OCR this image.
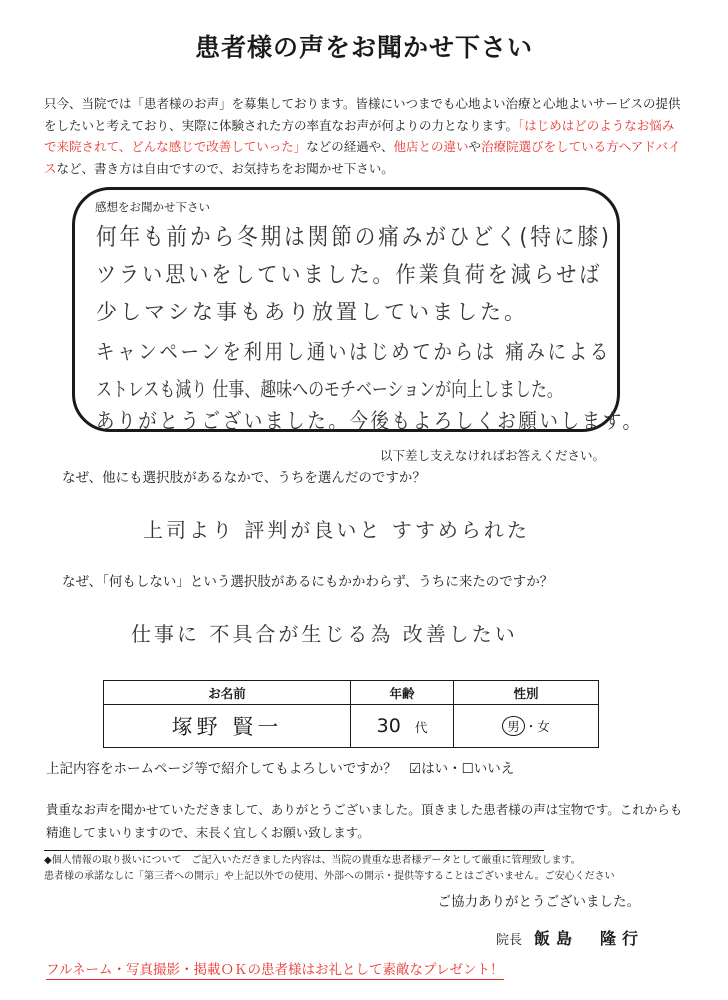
患者様の声をお聞かせ下さい
只今、当院では「患者様のお声」を募集しております。皆様にいつまでも心地よい治療と心地よいサービスの提供をしたいと考えており、実際に体験された方の率直なお声が何よりの力となります。「はじめはどのようなお悩みで来院されて、どんな感じで改善していった」などの経過や、他店との違いや治療院選びをしている方へアドバイスなど、書き方は自由ですので、お気持ちをお聞かせ下さい。
感想をお聞かせ下さい
何年も前から冬期は関節の痛みがひどく(特に膝)
ツラい思いをしていました。作業負荷を減らせば
少しマシな事もあり放置していました。
キャンペーンを利用し通いはじめてからは 痛みによる
ストレスも減り 仕事、趣味へのモチベーションが向上しました。
ありがとうございました。今後もよろしくお願いします。
以下差し支えなければお答えください。
なぜ、他にも選択肢があるなかで、うちを選んだのですか？
上司より 評判が良いと すすめられた
なぜ、「何もしない」という選択肢があるにもかかわらず、うちに来たのですか？
仕事に 不具合が生じる為 改善したい
お名前	年齢	性別
塚野 賢一	30 代	男 ・女
上記内容をホームページ等で紹介してもよろしいですか？ ☑はい・☐いいえ
貴重なお声を聞かせていただきまして、ありがとうございました。頂きました患者様の声は宝物です。これからも精進してまいりますので、末長く宜しくお願い致します。
◆個人情報の取り扱いについて　ご記入いただきました内容は、当院の貴重な患者様データとして厳重に管理致します。
患者様の承諾なしに「第三者への開示」や上記以外での使用、外部への開示・提供等することはございません。ご安心ください
ご協力ありがとうございました。
院長 飯島　隆行
フルネーム・写真撮影・掲載ＯＫの患者様はお礼として素敵なプレゼント！
